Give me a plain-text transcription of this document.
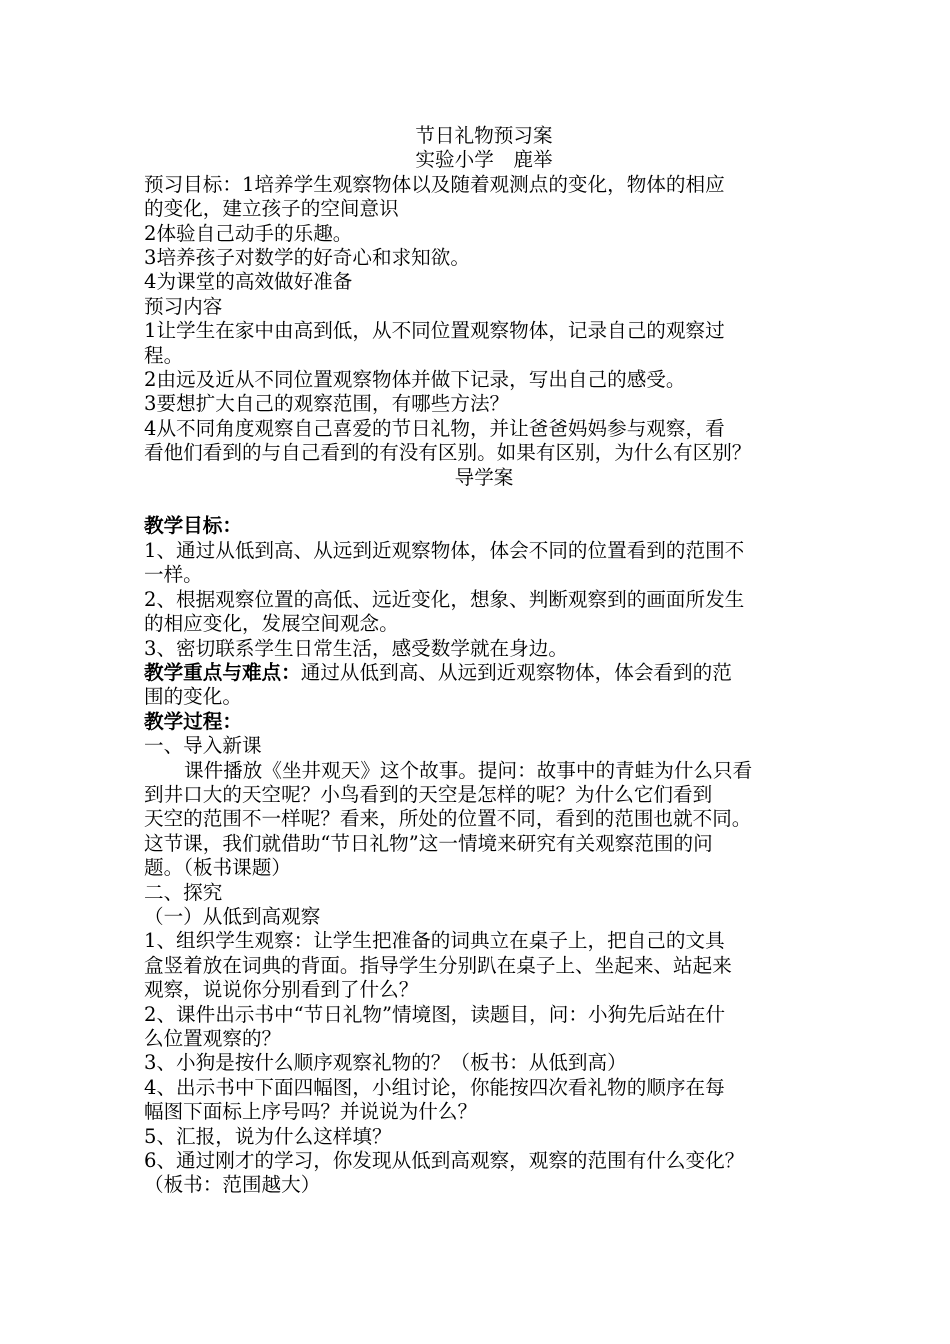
节日礼物预习案

实验小学　鹿举

预习目标：1培养学生观察物体以及随着观测点的变化，物体的相应

的变化，建立孩子的空间意识

2体验自己动手的乐趣。

3培养孩子对数学的好奇心和求知欲。

4为课堂的高效做好准备

预习内容

1让学生在家中由高到低，从不同位置观察物体，记录自己的观察过

程。

2由远及近从不同位置观察物体并做下记录，写出自己的感受。

3要想扩大自己的观察范围，有哪些方法？

4从不同角度观察自己喜爱的节日礼物，并让爸爸妈妈参与观察，看

看他们看到的与自己看到的有没有区别。如果有区别，为什么有区别？

导学案

教学目标：

1、通过从低到高、从远到近观察物体，体会不同的位置看到的范围不

一样。

2、根据观察位置的高低、远近变化，想象、判断观察到的画面所发生

的相应变化，发展空间观念。

3、密切联系学生日常生活，感受数学就在身边。

教学重点与难点：通过从低到高、从远到近观察物体，体会看到的范

围的变化。

教学过程：

一、导入新课

课件播放《坐井观天》这个故事。提问：故事中的青蛙为什么只看

到井口大的天空呢？小鸟看到的天空是怎样的呢？为什么它们看到

天空的范围不一样呢？看来，所处的位置不同，看到的范围也就不同。

这节课，我们就借助“节日礼物”这一情境来研究有关观察范围的问

题。（板书课题）

二、探究

（一）从低到高观察

1、组织学生观察：让学生把准备的词典立在桌子上，把自己的文具

盒竖着放在词典的背面。指导学生分别趴在桌子上、坐起来、站起来

观察，说说你分别看到了什么？

2、课件出示书中“节日礼物”情境图，读题目，问：小狗先后站在什

么位置观察的？

3、小狗是按什么顺序观察礼物的？（板书：从低到高）

4、出示书中下面四幅图，小组讨论，你能按四次看礼物的顺序在每

幅图下面标上序号吗？并说说为什么？

5、汇报，说为什么这样填？

6、通过刚才的学习，你发现从低到高观察，观察的范围有什么变化？

（板书：范围越大）
